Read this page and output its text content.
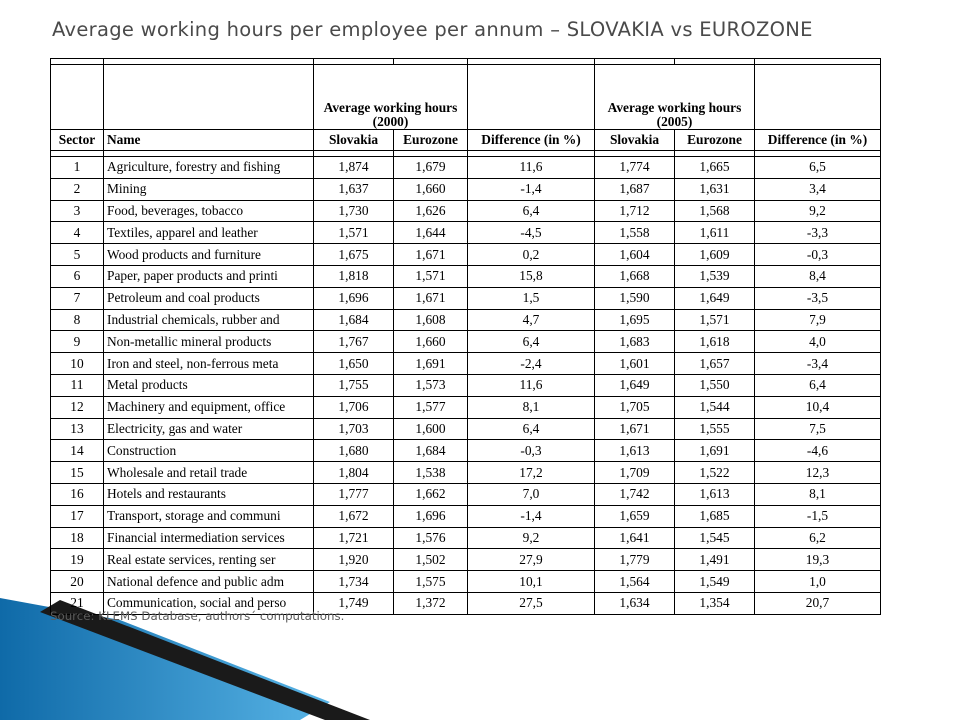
Average working hours per employee per annum – SLOVAKIA vs EUROZONE

		Average working hours (2000)			Average working hours (2005)		
Sector	Name	Slovakia	Eurozone	Difference (in %)	Slovakia	Eurozone	Difference (in %)

1	Agriculture, forestry and fishing	1,874	1,679	11,6	1,774	1,665	6,5
2	Mining	1,637	1,660	-1,4	1,687	1,631	3,4
3	Food, beverages, tobacco	1,730	1,626	6,4	1,712	1,568	9,2
4	Textiles, apparel and leather	1,571	1,644	-4,5	1,558	1,611	-3,3
5	Wood products and furniture	1,675	1,671	0,2	1,604	1,609	-0,3
6	Paper, paper products and printi	1,818	1,571	15,8	1,668	1,539	8,4
7	Petroleum and coal products	1,696	1,671	1,5	1,590	1,649	-3,5
8	Industrial chemicals, rubber and	1,684	1,608	4,7	1,695	1,571	7,9
9	Non-metallic mineral products	1,767	1,660	6,4	1,683	1,618	4,0
10	Iron and steel, non-ferrous meta	1,650	1,691	-2,4	1,601	1,657	-3,4
11	Metal products	1,755	1,573	11,6	1,649	1,550	6,4
12	Machinery and equipment, office	1,706	1,577	8,1	1,705	1,544	10,4
13	Electricity, gas and water	1,703	1,600	6,4	1,671	1,555	7,5
14	Construction	1,680	1,684	-0,3	1,613	1,691	-4,6
15	Wholesale and retail trade	1,804	1,538	17,2	1,709	1,522	12,3
16	Hotels and restaurants	1,777	1,662	7,0	1,742	1,613	8,1
17	Transport, storage and communi	1,672	1,696	-1,4	1,659	1,685	-1,5
18	Financial intermediation services	1,721	1,576	9,2	1,641	1,545	6,2
19	Real estate services, renting ser	1,920	1,502	27,9	1,779	1,491	19,3
20	National defence and public adm	1,734	1,575	10,1	1,564	1,549	1,0
21	Communication, social and perso	1,749	1,372	27,5	1,634	1,354	20,7
Source: KLEMS Database, authors´ computations.
